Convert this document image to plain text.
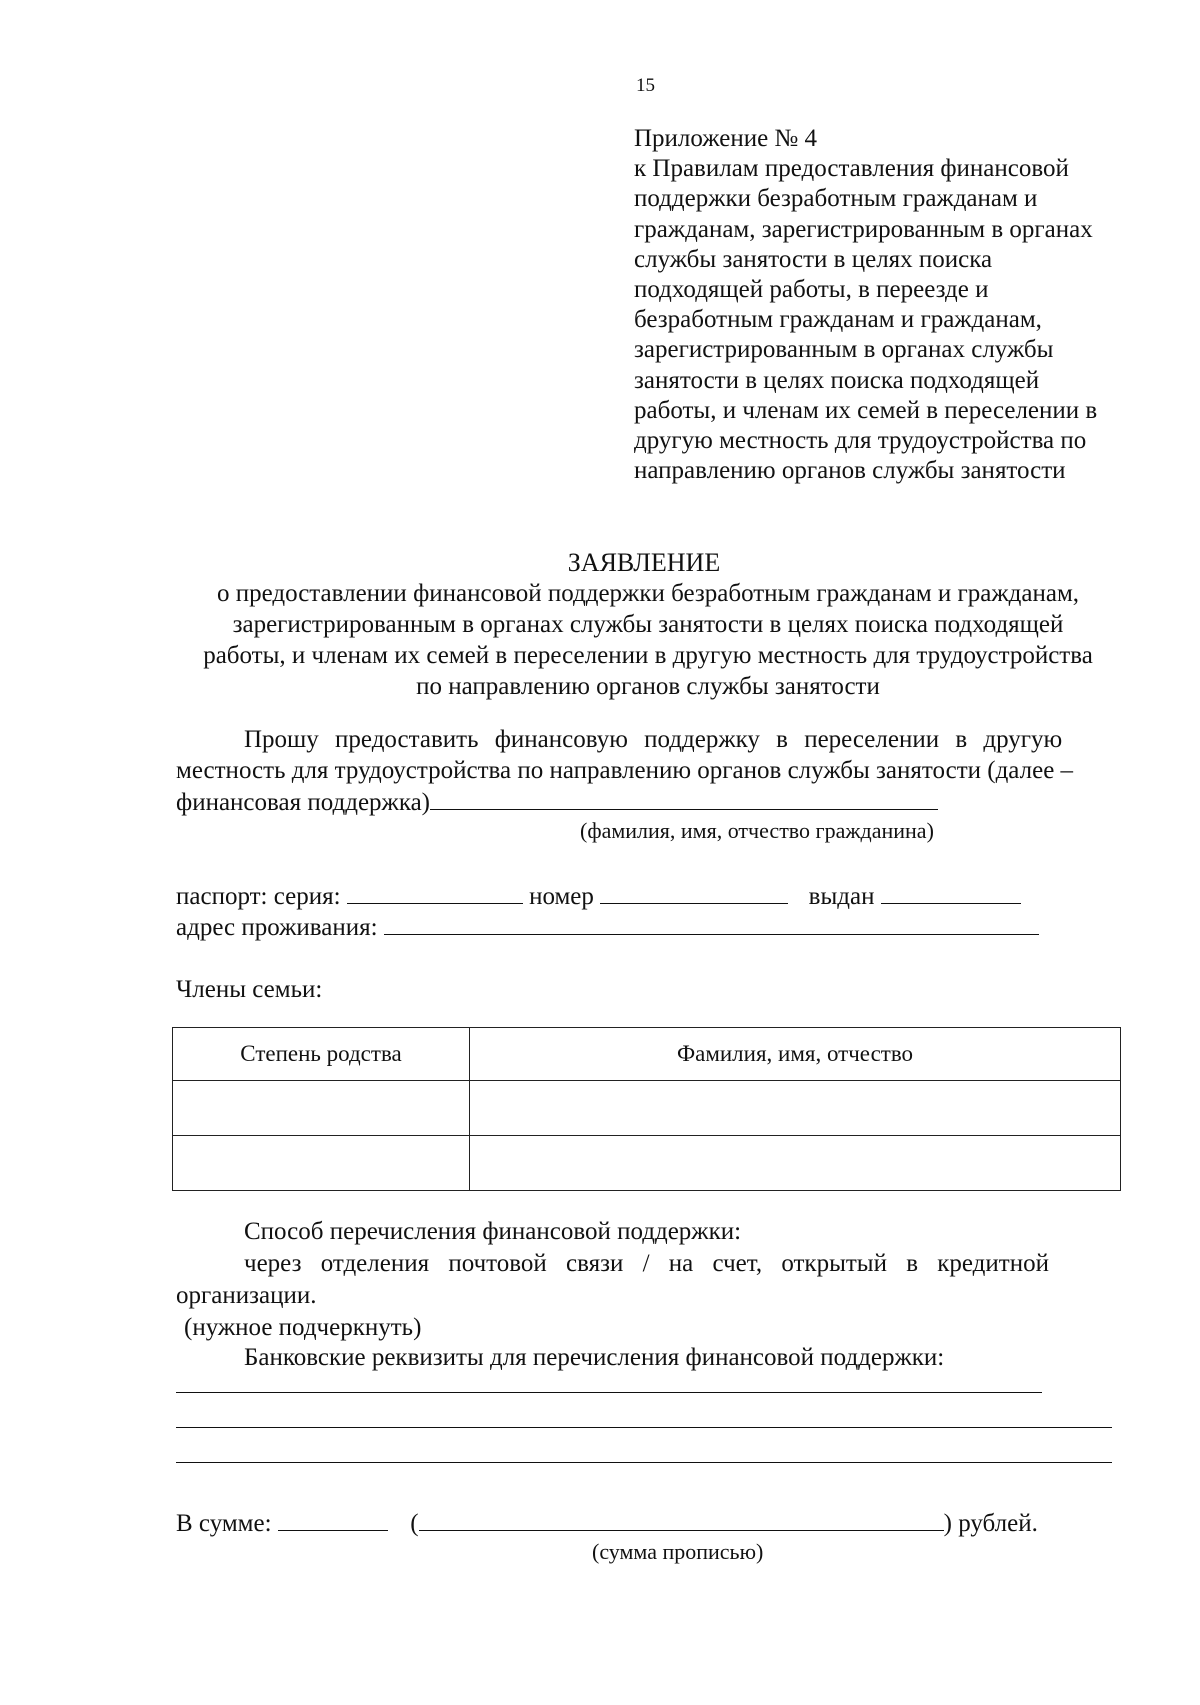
15
Приложение № 4
к Правилам предоставления финансовой
поддержки безработным гражданам и
гражданам, зарегистрированным в органах
службы занятости в целях поиска
подходящей работы, в переезде и
безработным гражданам и гражданам,
зарегистрированным в органах службы
занятости в целях поиска подходящей
работы, и членам их семей в переселении в
другую местность для трудоустройства по
направлению органов службы занятости
ЗАЯВЛЕНИЕ
о предоставлении финансовой поддержки безработным гражданам и гражданам,
зарегистрированным в органах службы занятости в целях поиска подходящей
работы, и членам их семей в переселении в другую местность для трудоустройства
по направлению органов службы занятости
Прошу предоставить финансовую поддержку в переселении в другую
местность для трудоустройства по направлению органов службы занятости (далее –
финансовая поддержка)
(фамилия, имя, отчество гражданина)
паспорт: серия:	номер	выдан
адрес проживания:
Члены семьи:
Степень родства	Фамилия, имя, отчество

Способ перечисления финансовой поддержки:
через отделения почтовой связи / на счет, открытый в кредитной
организации.
(нужное подчеркнуть)
Банковские реквизиты для перечисления финансовой поддержки:
В сумме:	(	) рублей.
(сумма прописью)
